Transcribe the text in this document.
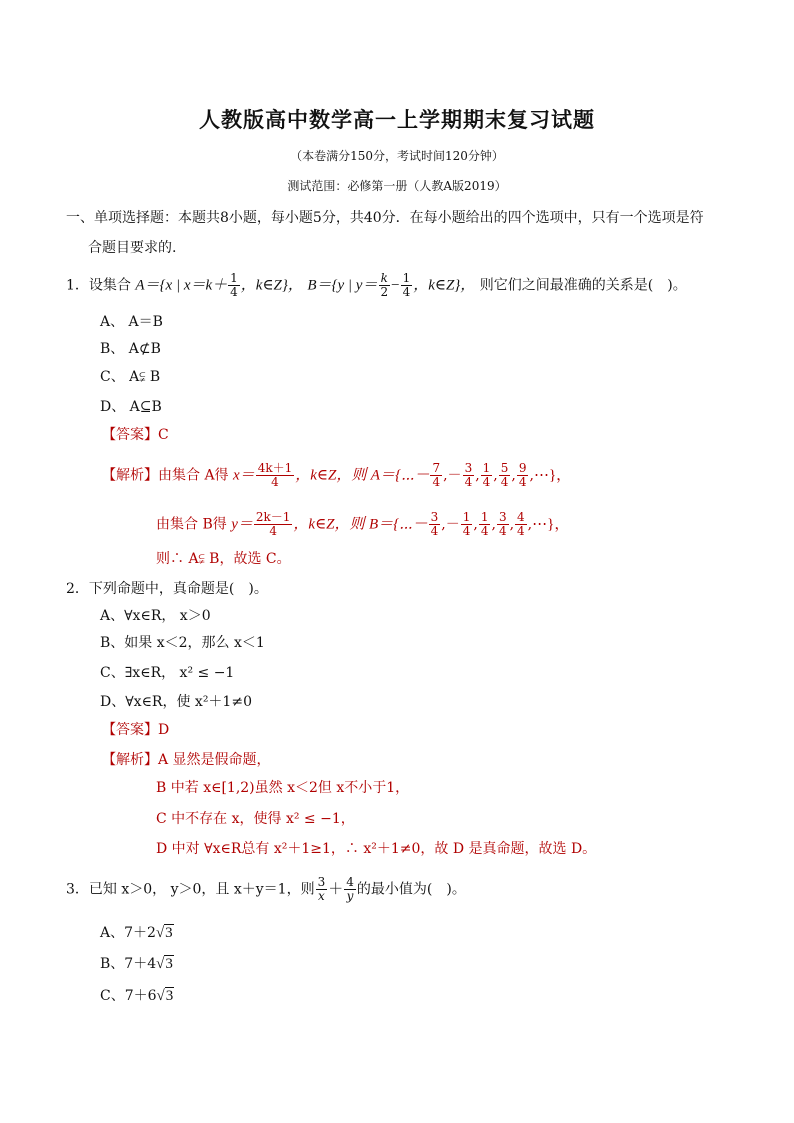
人教版高中数学高一上学期期末复习试题
（本卷满分150分，考试时间120分钟）
测试范围：必修第一册（人教A版2019）
一、单项选择题：本题共8小题，每小题5分，共40分．在每小题给出的四个选项中，只有一个选项是符
合题目要求的.
1．设集合 A＝{x | $x=k+ \frac{1}{4}$ ，k∈Z}， B＝{y | $y= \frac{k}{2} - \frac{1}{4}$ ，k∈Z}， 则它们之间最准确的关系是(　)。
A、 A＝B
B、 A⊄B
C、 A⫋ B
D、 A⊆B
【答案】C
【解析】由集合 A得 $x= \frac{4k+1}{4}$ ，k∈Z，则 A＝{⋯－ $\frac{7}{4}$ ,－ $\frac{3}{4}$ , $\frac{1}{4}$ , $\frac{5}{4}$ , $\frac{9}{4}$ ,⋯}，
由集合 B得 $y= \frac{2k-1}{4}$ ，k∈Z，则 B＝{⋯－ $\frac{3}{4}$ ,－ $\frac{1}{4}$ , $\frac{1}{4}$ , $\frac{3}{4}$ , $\frac{4}{4}$ ,⋯}，
则∴ A⫋ B，故选 C。
2．下列命题中，真命题是(　)。
A、∀x∈R， x＞0
B、如果 x＜2，那么 x＜1
C、∃x∈R， x² ≤ −1
D、∀x∈R，使 x²＋1≠0
【答案】D
【解析】A 显然是假命题，
B 中若 x∈[1,2)虽然 x＜2但 x不小于1，
C 中不存在 x，使得 x² ≤ −1，
D 中对 ∀x∈R总有 x²＋1≥1，∴ x²＋1≠0，故 D 是真命题，故选 D。
3．已知 x＞0， y＞0，且 x＋y＝1，则 $\frac{3}{x} + \frac{4}{y}$ 的最小值为(　)。
A、7＋2√3
B、7＋4√3
C、7＋6√3
